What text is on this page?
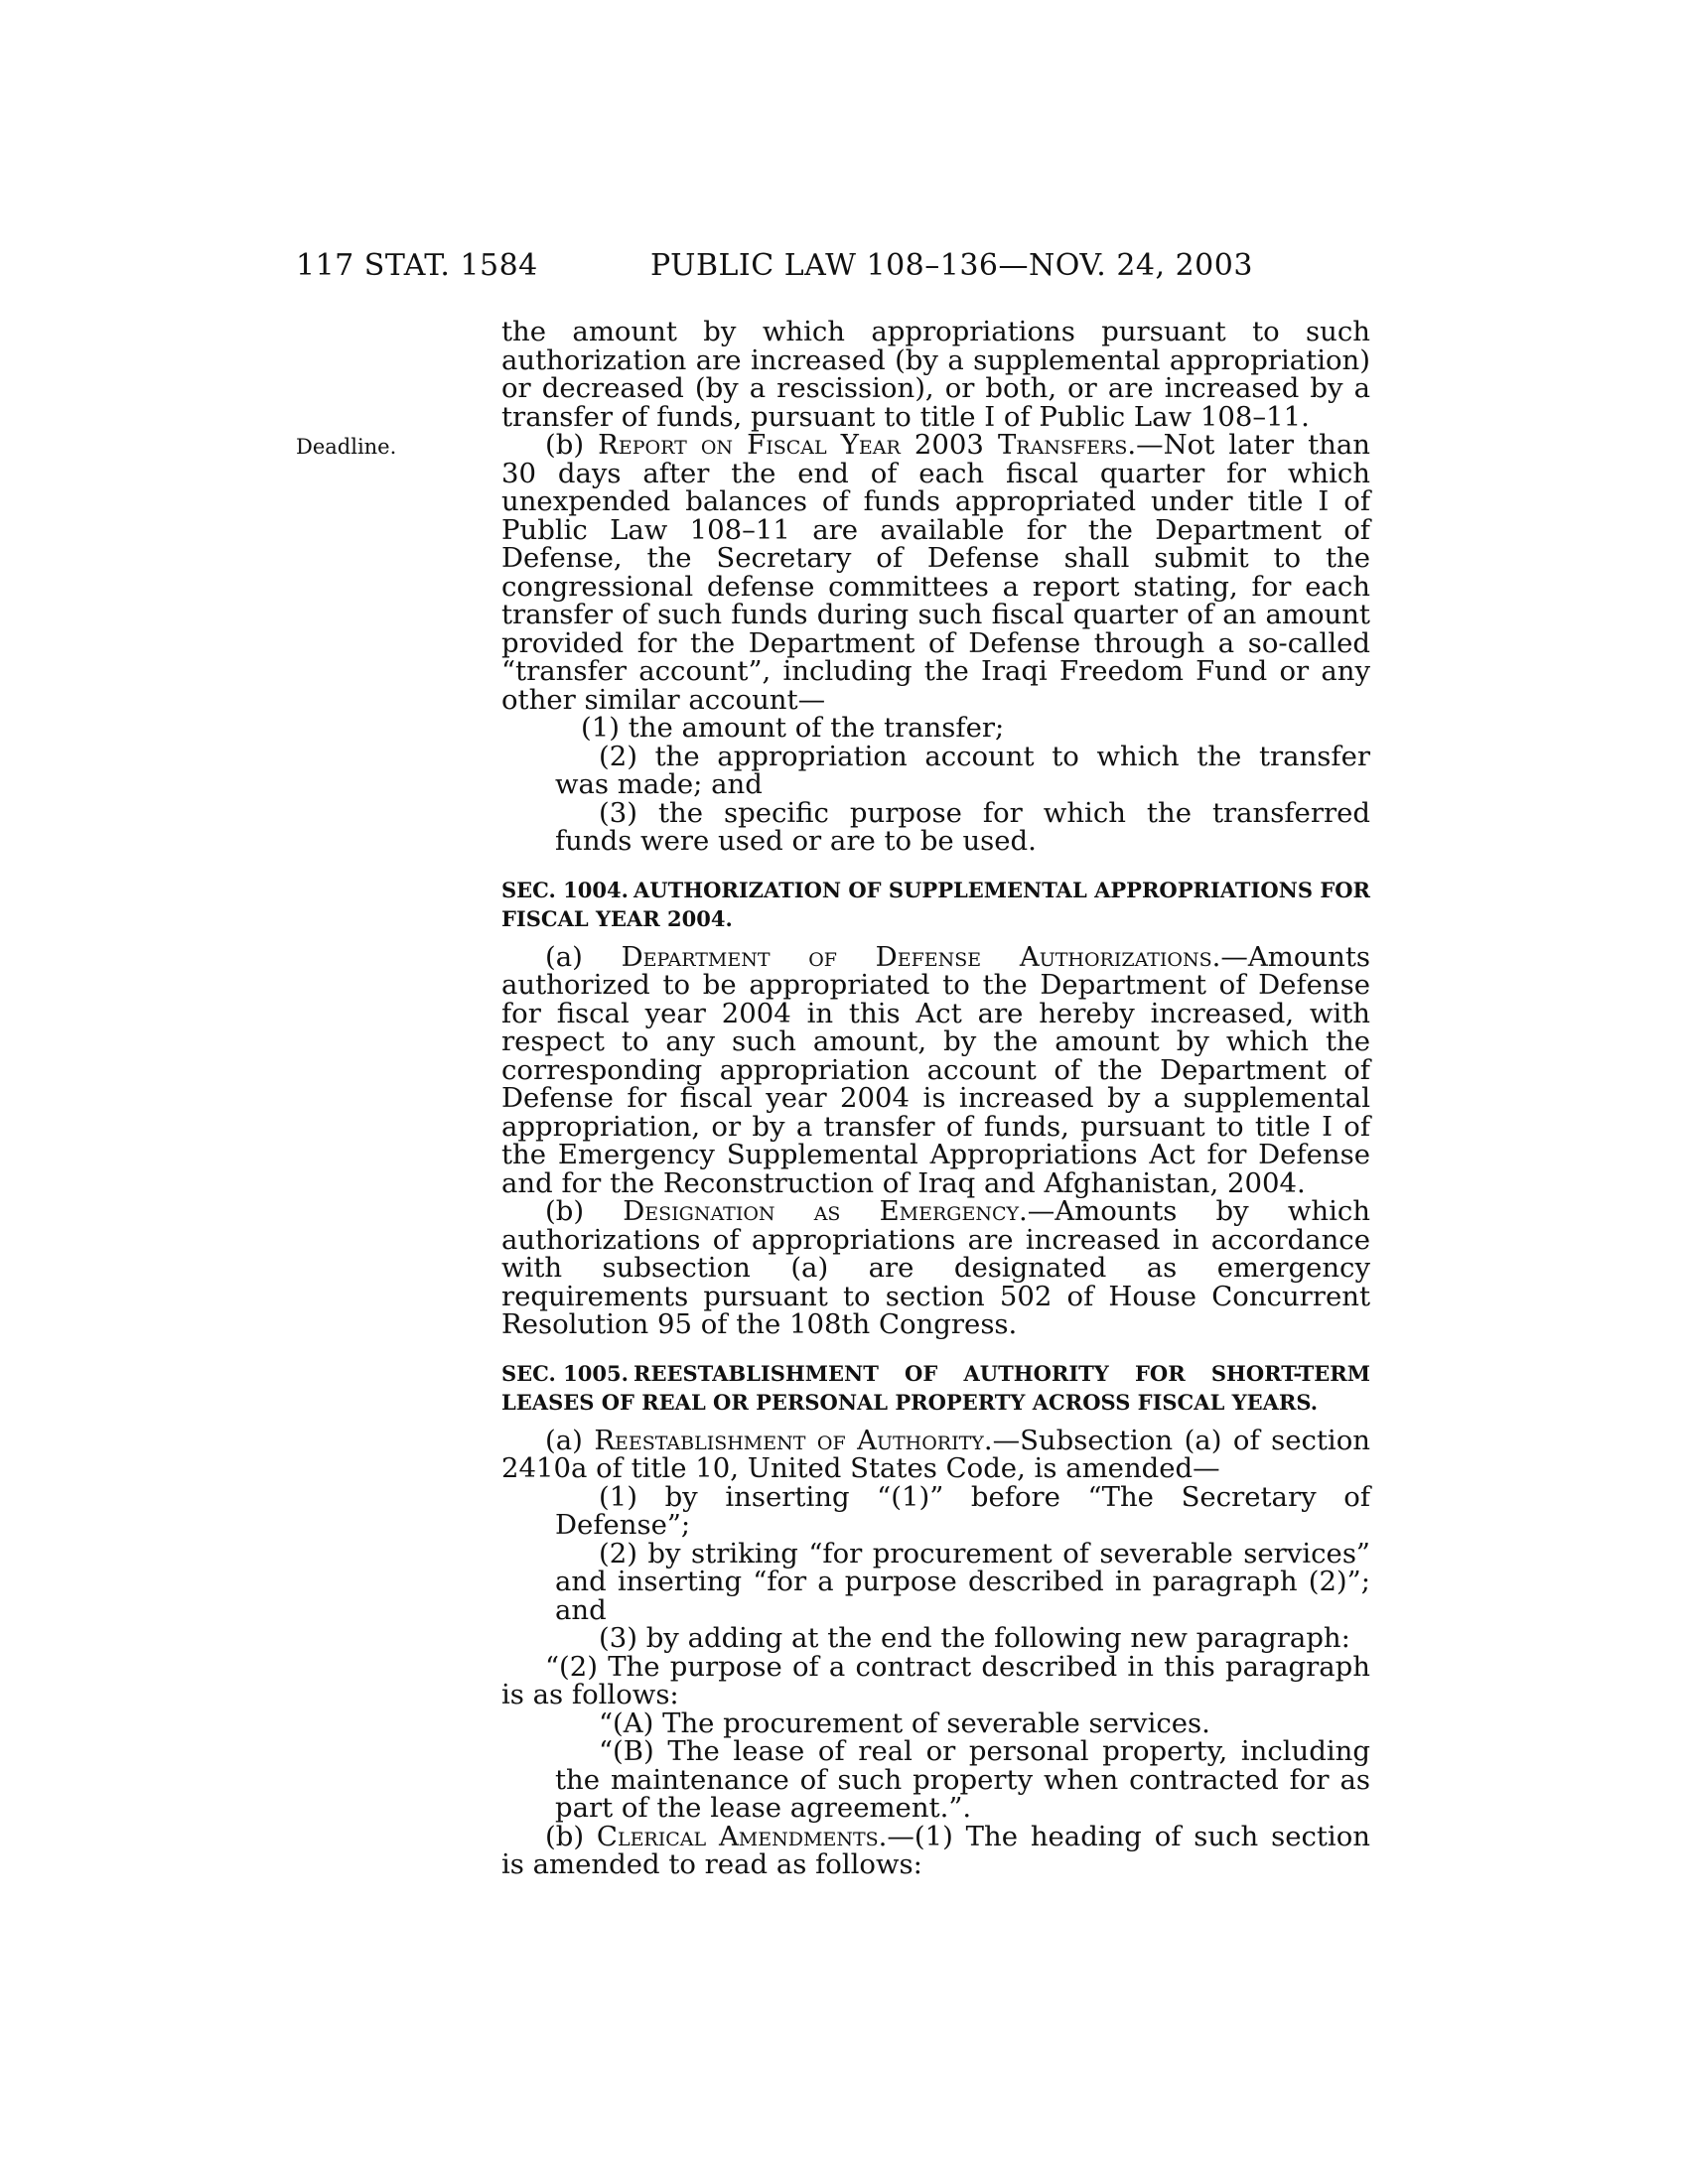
117 STAT. 1584	PUBLIC LAW 108–136—NOV. 24, 2003
Deadline.

the amount by which appropriations pursuant to such authorization are increased (by a supplemental appropriation) or decreased (by a rescission), or both, or are increased by a transfer of funds, pursuant to title I of Public Law 108–11.

(b) Report on Fiscal Year 2003 Transfers.—Not later than 30 days after the end of each fiscal quarter for which unexpended balances of funds appropriated under title I of Public Law 108–11 are available for the Department of Defense, the Secretary of Defense shall submit to the congressional defense committees a report stating, for each transfer of such funds during such fiscal quarter of an amount provided for the Department of Defense through a so-called “transfer account”, including the Iraqi Freedom Fund or any other similar account—

(1) the amount of the transfer;

(2) the appropriation account to which the transfer was made; and

(3) the specific purpose for which the transferred funds were used or are to be used.

SEC. 1004. AUTHORIZATION OF SUPPLEMENTAL APPROPRIATIONS FOR FISCAL YEAR 2004.

(a) Department of Defense Authorizations.—Amounts authorized to be appropriated to the Department of Defense for fiscal year 2004 in this Act are hereby increased, with respect to any such amount, by the amount by which the corresponding appropriation account of the Department of Defense for fiscal year 2004 is increased by a supplemental appropriation, or by a transfer of funds, pursuant to title I of the Emergency Supplemental Appropriations Act for Defense and for the Reconstruction of Iraq and Afghanistan, 2004.

(b) Designation as Emergency.—Amounts by which authorizations of appropriations are increased in accordance with subsection (a) are designated as emergency requirements pursuant to section 502 of House Concurrent Resolution 95 of the 108th Congress.

SEC. 1005. REESTABLISHMENT OF AUTHORITY FOR SHORT-TERM LEASES OF REAL OR PERSONAL PROPERTY ACROSS FISCAL YEARS.

(a) Reestablishment of Authority.—Subsection (a) of section 2410a of title 10, United States Code, is amended—

(1) by inserting “(1)” before “The Secretary of Defense”;

(2) by striking “for procurement of severable services” and inserting “for a purpose described in paragraph (2)”; and

(3) by adding at the end the following new paragraph:

“(2) The purpose of a contract described in this paragraph is as follows:

“(A) The procurement of severable services.

“(B) The lease of real or personal property, including the maintenance of such property when contracted for as part of the lease agreement.”.

(b) Clerical Amendments.—(1) The heading of such section is amended to read as follows:
